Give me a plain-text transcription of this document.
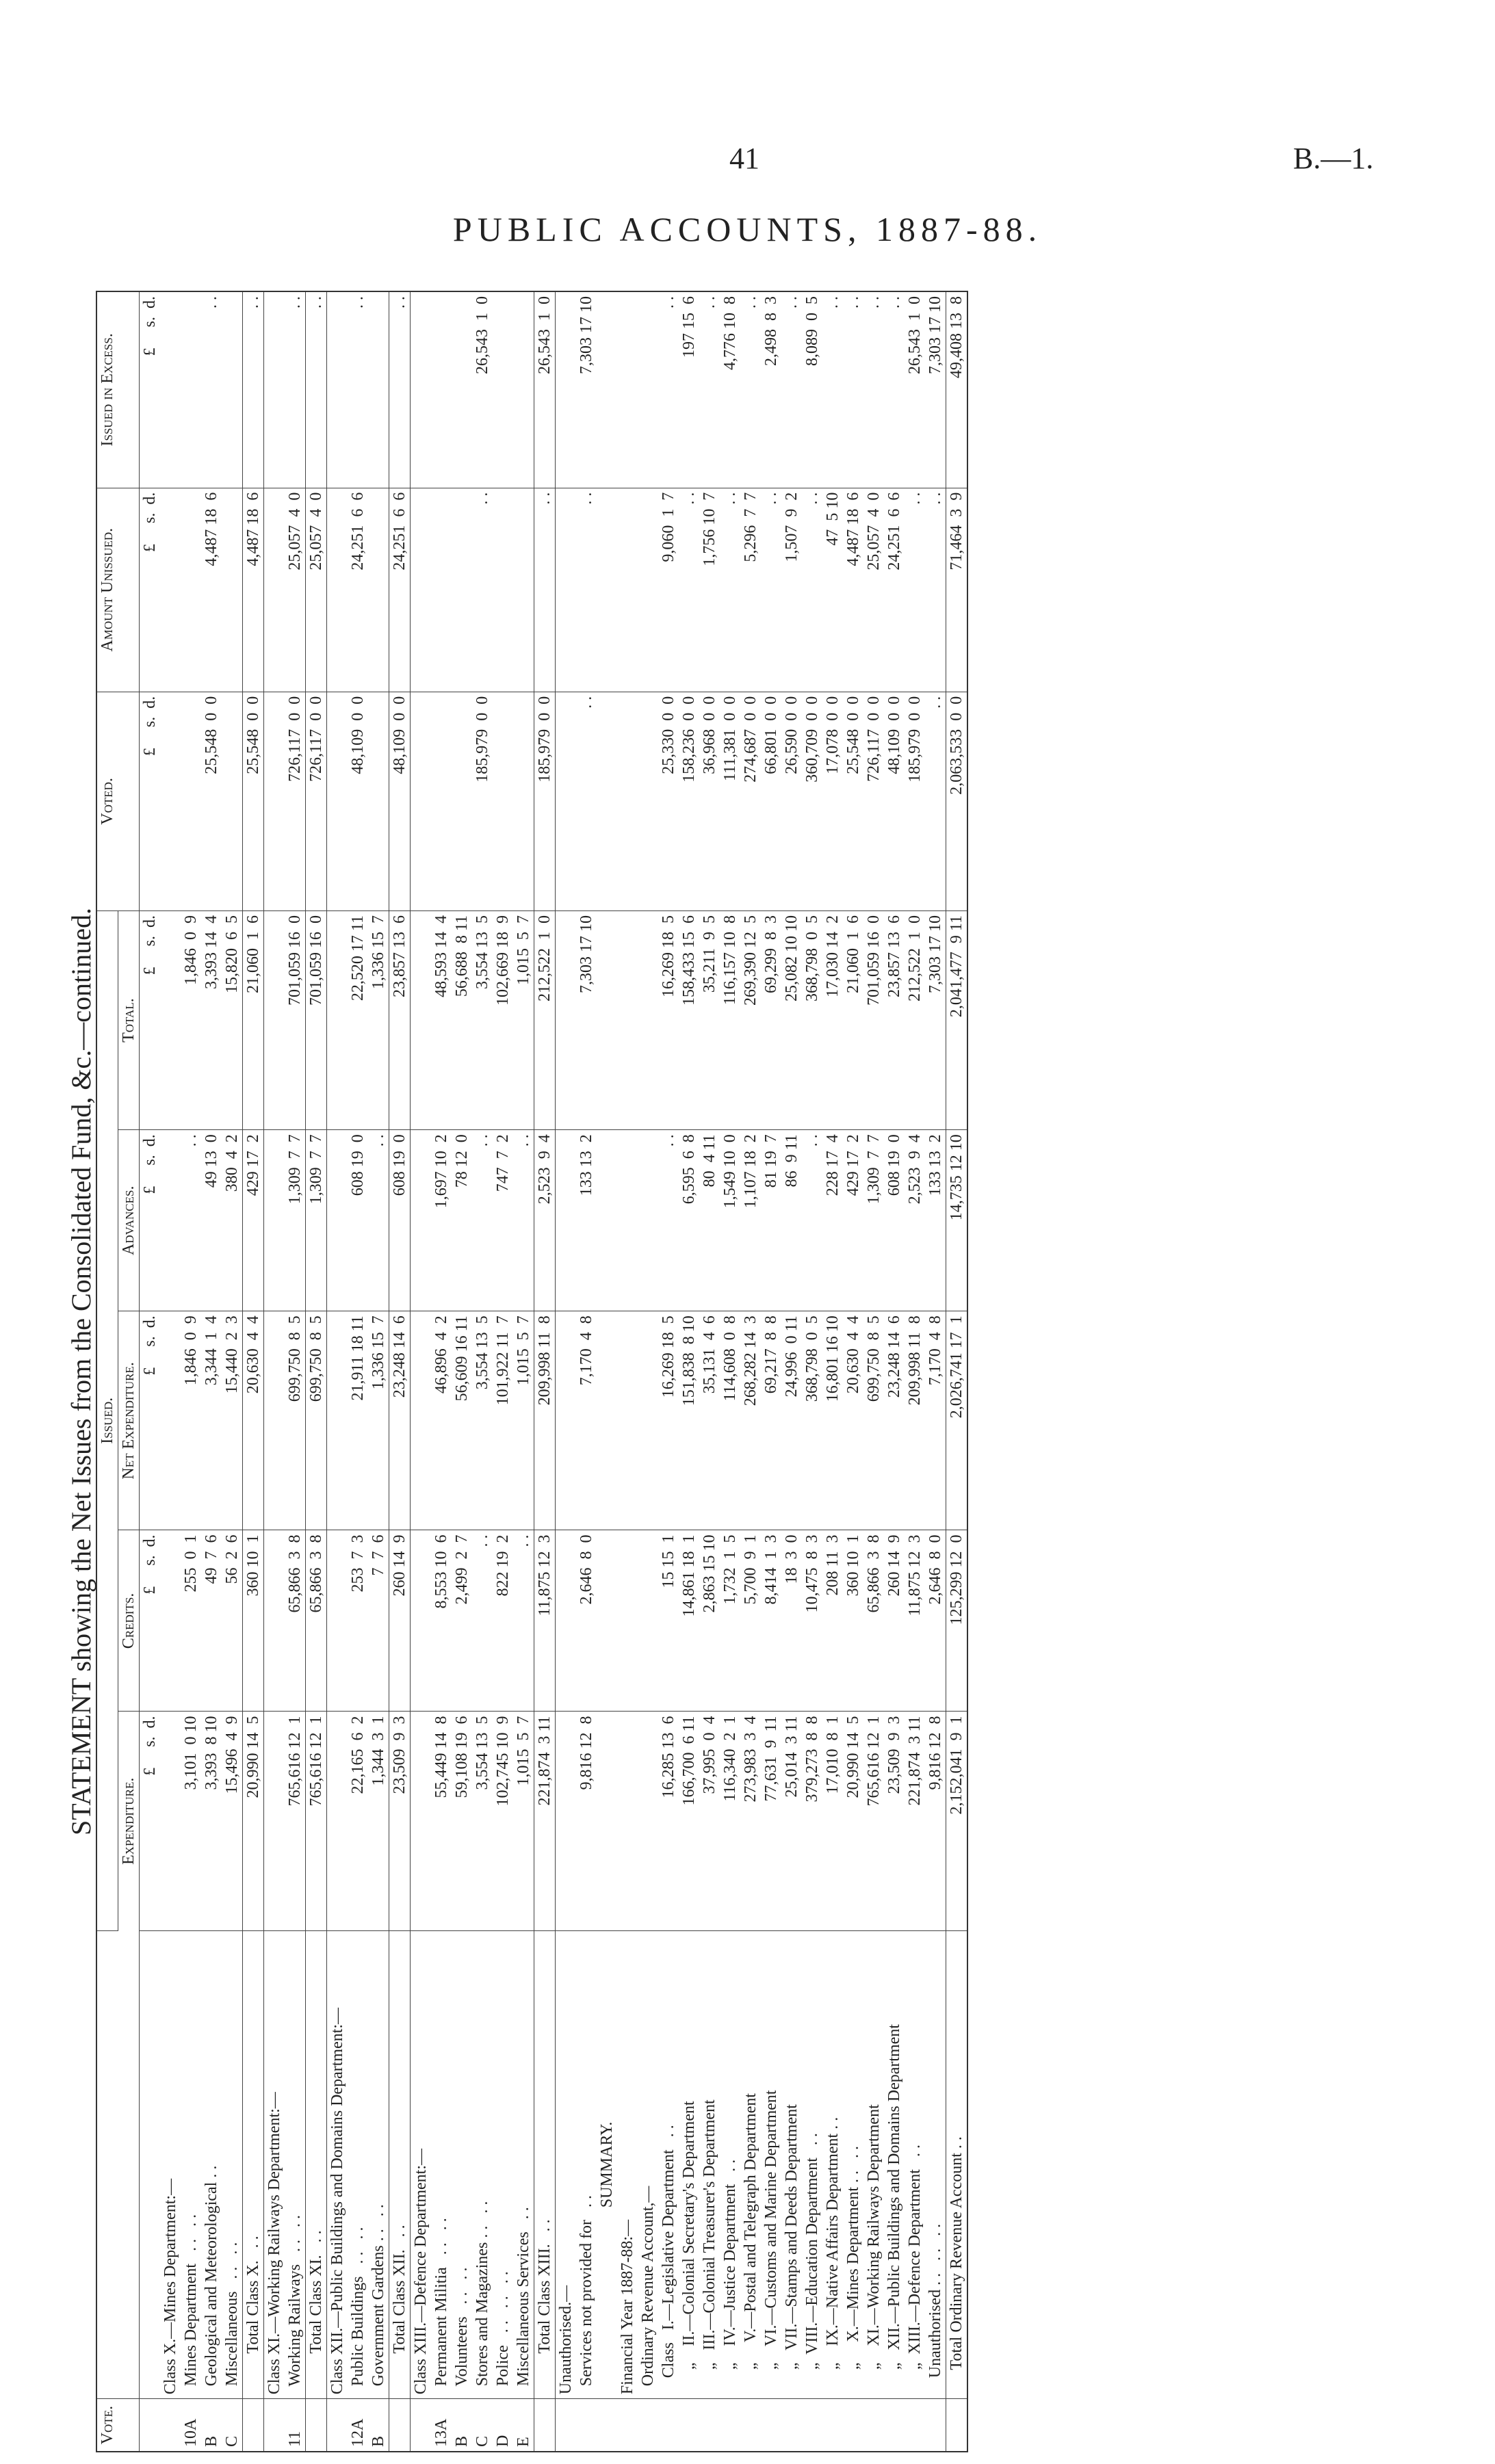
41	B.—1.
PUBLIC ACCOUNTS, 1887-88.
STATEMENT showing the Net Issues from the Consolidated Fund, &c.—continued.
Vote.		Issued.					Voted.	Amount Unissued.	Issued in Excess.
		Expenditure.	Credits.	Net Expenditure.	Advances.	Total.			
		£     s.  d.	£     s.  d.	£     s.  d.	£     s.  d.	£     s.  d.	£     s.  d.	£     s.  d.	£     s.  d.
	Class X.—Mines Department:—								
10A	Mines Department   . .   . .	3,101  0 10	255  0  1	1,846  0  9	. .	1,846  0  9			
B	Geological and Meteorological . .	3,393  8 10	49  7  6	3,344  1  4	49 13  0	3,393 14  4	25,548  0  0	4,487 18  6	. .
C	Miscellaneous   . .   . .	15,496  4  9	56  2  6	15,440  2  3	380  4  2	15,820  6  5			
	Total Class X.   . .	20,990 14  5	360 10  1	20,630  4  4	429 17  2	21,060  1  6	25,548  0  0	4,487 18  6	. .
	Class XI.—Working Railways Department:—								
11	Working Railways   . .   . .	765,616 12  1	65,866  3  8	699,750  8  5	1,309  7  7	701,059 16  0	726,117  0  0	25,057  4  0	. .
	Total Class XI.   . .	765,616 12  1	65,866  3  8	699,750  8  5	1,309  7  7	701,059 16  0	726,117  0  0	25,057  4  0	. .
	Class XII.—Public Buildings and Domains Department:—								
12A	Public Buildings   . .   . .	22,165  6  2	253  7  3	21,911 18 11	608 19  0	22,520 17 11	48,109  0  0	24,251  6  6	. .
B	Government Gardens . .   . .	1,344  3  1	7  7  6	1,336 15  7	. .	1,336 15  7			
	Total Class XII.   . .	23,509  9  3	260 14  9	23,248 14  6	608 19  0	23,857 13  6	48,109  0  0	24,251  6  6	. .
	Class XIII.—Defence Department:—								
13A	Permanent Militia   . .   . .	55,449 14  8	8,553 10  6	46,896  4  2	1,697 10  2	48,593 14  4			
B	Volunteers   . .   . .	59,108 19  6	2,499  2  7	56,609 16 11	78 12  0	56,688  8 11			
C	Stores and Magazines . .   . .	3,554 13  5	. .	3,554 13  5	. .	3,554 13  5	185,979  0  0	. .	26,543  1  0
D	Police   . .   . .   . .	102,745 10  9	822 19  2	101,922 11  7	747  7  2	102,669 18  9			
E	Miscellaneous Services   . .	1,015  5  7	. .	1,015  5  7	. .	1,015  5  7			
	Total Class XIII.   . .	221,874  3 11	11,875 12  3	209,998 11  8	2,523  9  4	212,522  1  0	185,979  0  0	. .	26,543  1  0
	Unauthorised.—								
	Services not provided for   . .	9,816 12  8	2,646  8  0	7,170  4  8	133 13  2	7,303 17 10	. .	. .	7,303 17 10
	SUMMARY.								
	Financial Year 1887-88:—								
	Ordinary Revenue Account,—								
	Class   I.—Legislative Department   . .	16,285 13  6	15 15  1	16,269 18  5	. .	16,269 18  5	25,330  0  0	9,060  1  7	. .
	„    II.—Colonial Secretary's Department	166,700  6 11	14,861 18  1	151,838  8 10	6,595  6  8	158,433 15  6	158,236  0  0	. .	197 15  6
	„   III.—Colonial Treasurer's Department	37,995  0  4	2,863 15 10	35,131  4  6	80  4 11	35,211  9  5	36,968  0  0	1,756 10  7	. .
	„    IV.—Justice Department   . .	116,340  2  1	1,732  1  5	114,608  0  8	1,549 10  0	116,157 10  8	111,381  0  0	. .	4,776 10  8
	„     V.—Postal and Telegraph Department	273,983  3  4	5,700  9  1	268,282 14  3	1,107 18  2	269,390 12  5	274,687  0  0	5,296  7  7	. .
	„    VI.—Customs and Marine Department	77,631  9  11	8,414  1  3	69,217  8  8	81 19  7	69,299  8  3	66,801  0  0	. .	2,498  8  3
	„   VII.—Stamps and Deeds Department	25,014  3 11	18  3  0	24,996  0 11	86  9 11	25,082 10 10	26,590  0  0	1,507  9  2	. .
	„  VIII.—Education Department   . .	379,273  8  8	10,475  8  3	368,798  0  5	. .	368,798  0  5	360,709  0  0	. .	8,089  0  5
	„    IX.—Native Affairs Department . .	17,010  8  1	208 11  3	16,801 16 10	228 17  4	17,030 14  2	17,078  0  0	47  5 10	. .
	„     X.—Mines Department . .   . .	20,990 14  5	360 10  1	20,630  4  4	429 17  2	21,060  1  6	25,548  0  0	4,487 18  6	. .
	„    XI.—Working Railways Department	765,616 12  1	65,866  3  8	699,750  8  5	1,309  7  7	701,059 16  0	726,117  0  0	25,057  4  0	. .
	„   XII.—Public Buildings and Domains Department	23,509  9  3	260 14  9	23,248 14  6	608 19  0	23,857 13  6	48,109  0  0	24,251  6  6	. .
	„  XIII.—Defence Department   . .	221,874  3 11	11,875 12  3	209,998 11  8	2,523  9  4	212,522  1  0	185,979  0  0	. .	26,543  1  0
	Unauthorised . .   . .   . .	9,816 12  8	2,646  8  0	7,170  4  8	133 13  2	7,303 17 10	. .	. .	7,303 17 10
	Total Ordinary Revenue Account . .	2,152,041  9  1	125,299 12  0	2,026,741 17  1	14,735 12 10	2,041,477  9 11	2,063,533  0  0	71,464  3  9	49,408 13  8
